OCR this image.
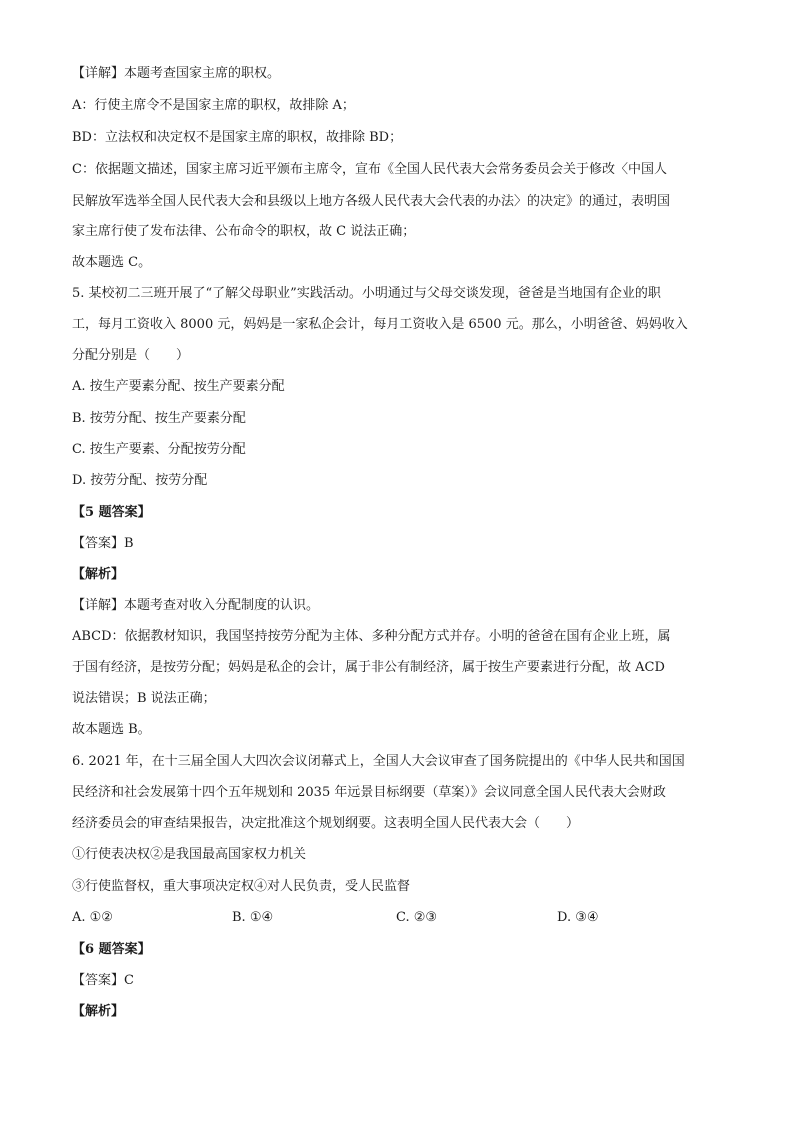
【详解】本题考查国家主席的职权。
A：行使主席令不是国家主席的职权，故排除 A；
BD：立法权和决定权不是国家主席的职权，故排除 BD；
C：依据题文描述，国家主席习近平颁布主席令，宣布《全国人民代表大会常务委员会关于修改〈中国人
民解放军选举全国人民代表大会和县级以上地方各级人民代表大会代表的办法〉的决定》的通过，表明国
家主席行使了发布法律、公布命令的职权，故 C 说法正确；
故本题选 C。
5. 某校初二三班开展了“了解父母职业”实践活动。小明通过与父母交谈发现，爸爸是当地国有企业的职
工，每月工资收入 8000 元，妈妈是一家私企会计，每月工资收入是 6500 元。那么，小明爸爸、妈妈收入
分配分别是（　　）
A. 按生产要素分配、按生产要素分配
B. 按劳分配、按生产要素分配
C. 按生产要素、分配按劳分配
D. 按劳分配、按劳分配
【5 题答案】
【答案】B
【解析】
【详解】本题考查对收入分配制度的认识。
ABCD：依据教材知识，我国坚持按劳分配为主体、多种分配方式并存。小明的爸爸在国有企业上班，属
于国有经济，是按劳分配；妈妈是私企的会计，属于非公有制经济，属于按生产要素进行分配，故 ACD
说法错误；B 说法正确；
故本题选 B。
6. 2021 年，在十三届全国人大四次会议闭幕式上，全国人大会议审查了国务院提出的《中华人民共和国国
民经济和社会发展第十四个五年规划和 2035 年远景目标纲要（草案）》会议同意全国人民代表大会财政
经济委员会的审查结果报告，决定批准这个规划纲要。这表明全国人民代表大会（　　）
①行使表决权②是我国最高国家权力机关
③行使监督权，重大事项决定权④对人民负责，受人民监督
A. ①②	B. ①④	C. ②③	D. ③④
【6 题答案】
【答案】C
【解析】
